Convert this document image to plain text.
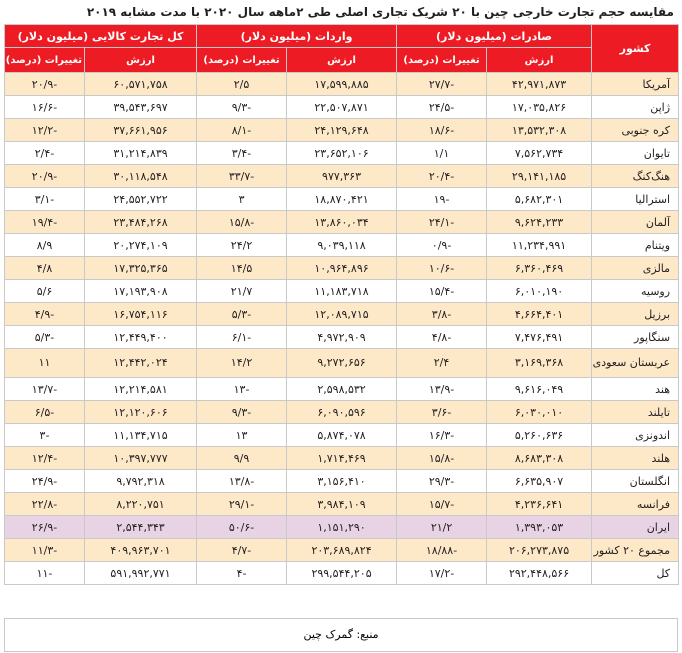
مقایسه حجم تجارت خارجی چین با ۲۰ شریک تجاری اصلی طی ۲ماهه سال ۲۰۲۰ با مدت مشابه ۲۰۱۹
کشور	صادرات (میلیون دلار)		واردات (میلیون دلار)		کل تجارت کالایی (میلیون دلار)	
	ارزش	تغییرات (درصد)	ارزش	تغییرات (درصد)	ارزش	تغییرات (درصد)
آمریکا	۴۲,۹۷۱,۸۷۳	-۲۷/۷	۱۷,۵۹۹,۸۸۵	۲/۵	۶۰,۵۷۱,۷۵۸	-۲۰/۹
ژاپن	۱۷,۰۳۵,۸۲۶	-۲۴/۵	۲۲,۵۰۷,۸۷۱	-۹/۳	۳۹,۵۴۳,۶۹۷	-۱۶/۶
کره جنوبی	۱۳,۵۳۲,۳۰۸	-۱۸/۶	۲۴,۱۲۹,۶۴۸	-۸/۱	۳۷,۶۶۱,۹۵۶	-۱۲/۲
تایوان	۷,۵۶۲,۷۳۴	۱/۱	۲۳,۶۵۲,۱۰۶	-۳/۴	۳۱,۲۱۴,۸۳۹	-۲/۴
هنگ‌کنگ	۲۹,۱۴۱,۱۸۵	-۲۰/۴	۹۷۷,۳۶۳	-۳۳/۷	۳۰,۱۱۸,۵۴۸	-۲۰/۹
استرالیا	۵,۶۸۲,۳۰۱	-۱۹	۱۸,۸۷۰,۴۲۱	۳	۲۴,۵۵۲,۷۲۲	-۳/۱
آلمان	۹,۶۲۴,۲۳۳	-۲۴/۱	۱۳,۸۶۰,۰۳۴	-۱۵/۸	۲۳,۴۸۴,۲۶۸	-۱۹/۴
ویتنام	۱۱,۲۳۴,۹۹۱	-۰/۹	۹,۰۳۹,۱۱۸	۲۴/۲	۲۰,۲۷۴,۱۰۹	۸/۹
مالزی	۶,۳۶۰,۴۶۹	-۱۰/۶	۱۰,۹۶۴,۸۹۶	۱۴/۵	۱۷,۳۲۵,۳۶۵	۴/۸
روسیه	۶,۰۱۰,۱۹۰	-۱۵/۴	۱۱,۱۸۳,۷۱۸	۲۱/۷	۱۷,۱۹۳,۹۰۸	۵/۶
برزیل	۴,۶۶۴,۴۰۱	-۳/۸	۱۲,۰۸۹,۷۱۵	-۵/۳	۱۶,۷۵۴,۱۱۶	-۴/۹
سنگاپور	۷,۴۷۶,۴۹۱	-۴/۸	۴,۹۷۲,۹۰۹	-۶/۱	۱۲,۴۴۹,۴۰۰	-۵/۳
عربستان سعودی	۳,۱۶۹,۳۶۸	۲/۴	۹,۲۷۲,۶۵۶	۱۴/۲	۱۲,۴۴۲,۰۲۴	۱۱
هند	۹,۶۱۶,۰۴۹	-۱۳/۹	۲,۵۹۸,۵۳۲	-۱۳	۱۲,۲۱۴,۵۸۱	-۱۳/۷
تایلند	۶,۰۳۰,۰۱۰	-۳/۶	۶,۰۹۰,۵۹۶	-۹/۳	۱۲,۱۲۰,۶۰۶	-۶/۵
اندونزی	۵,۲۶۰,۶۳۶	-۱۶/۳	۵,۸۷۴,۰۷۸	۱۳	۱۱,۱۳۴,۷۱۵	-۳
هلند	۸,۶۸۳,۳۰۸	-۱۵/۸	۱,۷۱۴,۴۶۹	۹/۹	۱۰,۳۹۷,۷۷۷	-۱۲/۴
انگلستان	۶,۶۳۵,۹۰۷	-۲۹/۳	۳,۱۵۶,۴۱۰	-۱۳/۸	۹,۷۹۲,۳۱۸	-۲۴/۹
فرانسه	۴,۲۳۶,۶۴۱	-۱۵/۷	۳,۹۸۴,۱۰۹	-۲۹/۱	۸,۲۲۰,۷۵۱	-۲۲/۸
ایران	۱,۳۹۳,۰۵۳	۲۱/۲	۱,۱۵۱,۲۹۰	-۵۰/۶	۲,۵۴۴,۳۴۳	-۲۶/۹
مجموع ۲۰ کشور	۲۰۶,۲۷۳,۸۷۵	-۱۸/۸۸	۲۰۳,۶۸۹,۸۲۴	-۴/۷	۴۰۹,۹۶۳,۷۰۱	-۱۱/۳
کل	۲۹۲,۴۴۸,۵۶۶	-۱۷/۲	۲۹۹,۵۴۴,۲۰۵	-۴	۵۹۱,۹۹۲,۷۷۱	-۱۱
منبع: گمرک چین
